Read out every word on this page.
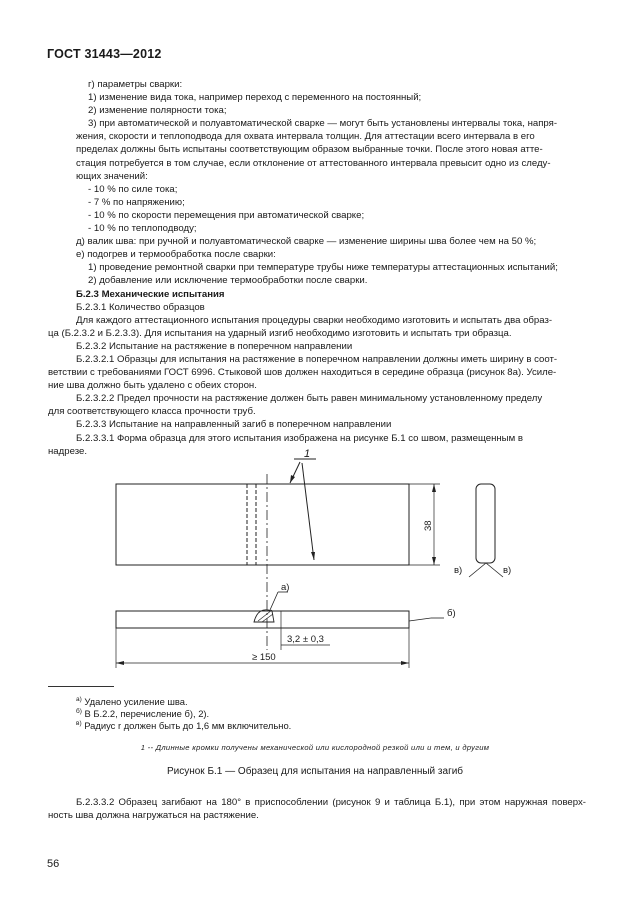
ГОСТ 31443—2012

г) параметры сварки:

1) изменение вида тока, например переход с переменного на постоянный;

2) изменение полярности тока;

3) при автоматической и полуавтоматической сварке — могут быть установлены интервалы тока, напря-

жения, скорости и теплоподвода для охвата интервала толщин. Для аттестации всего интервала в его

пределах должны быть испытаны соответствующим образом выбранные точки. После этого новая атте-

стация потребуется в том случае, если отклонение от аттестованного интервала превысит одно из следу-

ющих значений:

- 10 % по силе тока;

- 7 % по напряжению;

- 10 % по скорости перемещения при автоматической сварке;

- 10 % по теплоподводу;

д) валик шва: при ручной и полуавтоматической сварке — изменение ширины шва более чем на 50 %;

е) подогрев и термообработка после сварки:

1) проведение ремонтной сварки при температуре трубы ниже температуры аттестационных испытаний;

2) добавление или исключение термообработки после сварки.

Б.2.3 Механические испытания

Б.2.3.1 Количество образцов

Для каждого аттестационного испытания процедуры сварки необходимо изготовить и испытать два образ-

ца (Б.2.3.2 и Б.2.3.3). Для испытания на ударный изгиб необходимо изготовить и испытать три образца.

Б.2.3.2 Испытание на растяжение в поперечном направлении

Б.2.3.2.1 Образцы для испытания на растяжение в поперечном направлении должны иметь ширину в соот-

ветствии с требованиями ГОСТ 6996. Стыковой шов должен находиться в середине образца (рисунок 8а). Усиле-

ние шва должно быть удалено с обеих сторон.

Б.2.3.2.2 Предел прочности на растяжение должен быть равен минимальному установленному пределу

для соответствующего класса прочности труб.

Б.2.3.3 Испытание на направленный загиб в поперечном направлении

Б.2.3.3.1 Форма образца для этого испытания изображена на рисунке Б.1 со швом, размещенным в

надрезе.	1
38
а)
б)
в)	в)
3,2 ± 0,3
≥ 150
$^{а)}$ Удалено усиление шва.
$^{б)}$ В Б.2.2, перечисление б), 2).
$^{в)}$ Радиус r должен быть до 1,6 мм включительно.
1 -- Длинные кромки получены механической или кислородной резкой или и тем, и другим
Рисунок Б.1 — Образец для испытания на направленный загиб
Б.2.3.3.2 Образец загибают на 180° в приспособлении (рисунок 9 и таблица Б.1), при этом наружная поверх-ность шва должна нагружаться на растяжение.
56
